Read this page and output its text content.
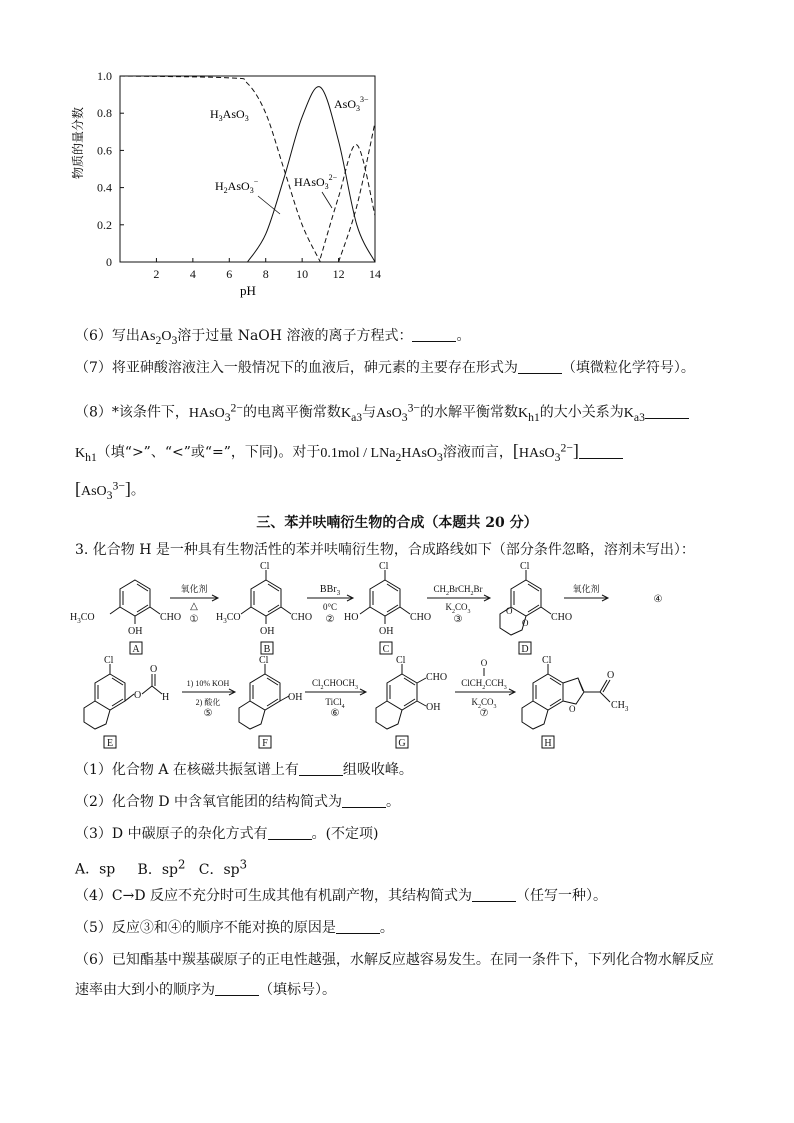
2	4	6	8 10 12 14
0
0.2
0.4
0.6
0.8
1.0
物质的量分数
pH
$H_3AsO_3$
$H_2AsO_3^-$	HAsO$_3^{2-}$
AsO$_3^{3-}$
（6）写出$As_2O_3$溶于过量 NaOH 溶液的离子方程式：	。
（7）将亚砷酸溶液注入一般情况下的血液后，砷元素的主要存在形式为	（填微粒化学符号）。
（8）*该条件下，HAsO$_3^{2-}$的电离平衡常数$K_{a3}$与AsO$_3^{3-}$的水解平衡常数$K_{h1}$的大小关系为$K_{a3}$
$K_{h1}$（填“>”、“<”或“=”，下同)。对于0.1mol / LNa$_2$HAsO$_3$溶液而言，[HAsO$_3^{2-}$]
[AsO$_3^{3-}$]。
三、苯并呋喃衍生物的合成（本题共 20 分）
3. 化合物 H 是一种具有生物活性的苯并呋喃衍生物，合成路线如下（部分条件忽略，溶剂未写出）：
A	B	C	D
E	F	G	H
$H_3CO$
OH
CHO
Cl
$H_3CO$
OH
CHO
Cl
HO
OH
CHO
Cl
CHO
O
O
Cl
O
O
H
Cl
OH
Cl
CHO
OH
Cl
O
O
$CH_3$
氧化剂
△
①
BBr$_3$
0°C
②
$CH_2BrCH_2Br$
$K_2CO_3$
③
氧化剂
④
1) 10% KOH
2) 酸化
⑤
$Cl_2CHOCH_3$
TiCl$_4$
⑥
O
$ClCH_2CCH_3$
$K_2CO_3$
⑦
（1）化合物 A 在核磁共振氢谱上有	组吸收峰。
（2）化合物 D 中含氧官能团的结构简式为	。
（3）D 中碳原子的杂化方式有	。(不定项)
A．sp B．$sp^2$ C．$sp^3$
（4）C→D 反应不充分时可生成其他有机副产物，其结构简式为	（任写一种）。
（5）反应③和④的顺序不能对换的原因是	。
（6）已知酯基中羰基碳原子的正电性越强，水解反应越容易发生。在同一条件下，下列化合物水解反应
速率由大到小的顺序为	（填标号）。
